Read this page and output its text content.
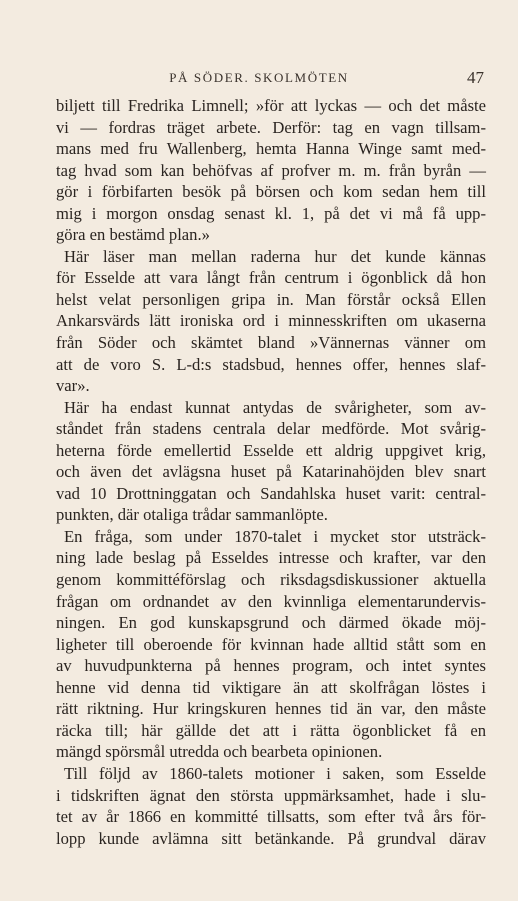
PÅ SÖDER. SKOLMÖTEN	47
biljett till Fredrika Limnell; »för att lyckas — och det måste
vi — fordras träget arbete. Derför: tag en vagn tillsam-
mans med fru Wallenberg, hemta Hanna Winge samt med-
tag hvad som kan behöfvas af profver m. m. från byrån —
gör i förbifarten besök på börsen och kom sedan hem till
mig i morgon onsdag senast kl. 1, på det vi må få upp-
göra en bestämd plan.»
Här läser man mellan raderna hur det kunde kännas
för Esselde att vara långt från centrum i ögonblick då hon
helst velat personligen gripa in. Man förstår också Ellen
Ankarsvärds lätt ironiska ord i minnesskriften om ukaserna
från Söder och skämtet bland »Vännernas vänner om
att de voro S. L-d:s stadsbud, hennes offer, hennes slaf-
var».
Här ha endast kunnat antydas de svårigheter, som av-
ståndet från stadens centrala delar medförde. Mot svårig-
heterna förde emellertid Esselde ett aldrig uppgivet krig,
och även det avlägsna huset på Katarinahöjden blev snart
vad 10 Drottninggatan och Sandahlska huset varit: central-
punkten, där otaliga trådar sammanlöpte.
En fråga, som under 1870-talet i mycket stor utsträck-
ning lade beslag på Esseldes intresse och krafter, var den
genom kommittéförslag och riksdagsdiskussioner aktuella
frågan om ordnandet av den kvinnliga elementarundervis-
ningen. En god kunskapsgrund och därmed ökade möj-
ligheter till oberoende för kvinnan hade alltid stått som en
av huvudpunkterna på hennes program, och intet syntes
henne vid denna tid viktigare än att skolfrågan löstes i
rätt riktning. Hur kringskuren hennes tid än var, den måste
räcka till; här gällde det att i rätta ögonblicket få en
mängd spörsmål utredda och bearbeta opinionen.
Till följd av 1860-talets motioner i saken, som Esselde
i tidskriften ägnat den största uppmärksamhet, hade i slu-
tet av år 1866 en kommitté tillsatts, som efter två års för-
lopp kunde avlämna sitt betänkande. På grundval därav
